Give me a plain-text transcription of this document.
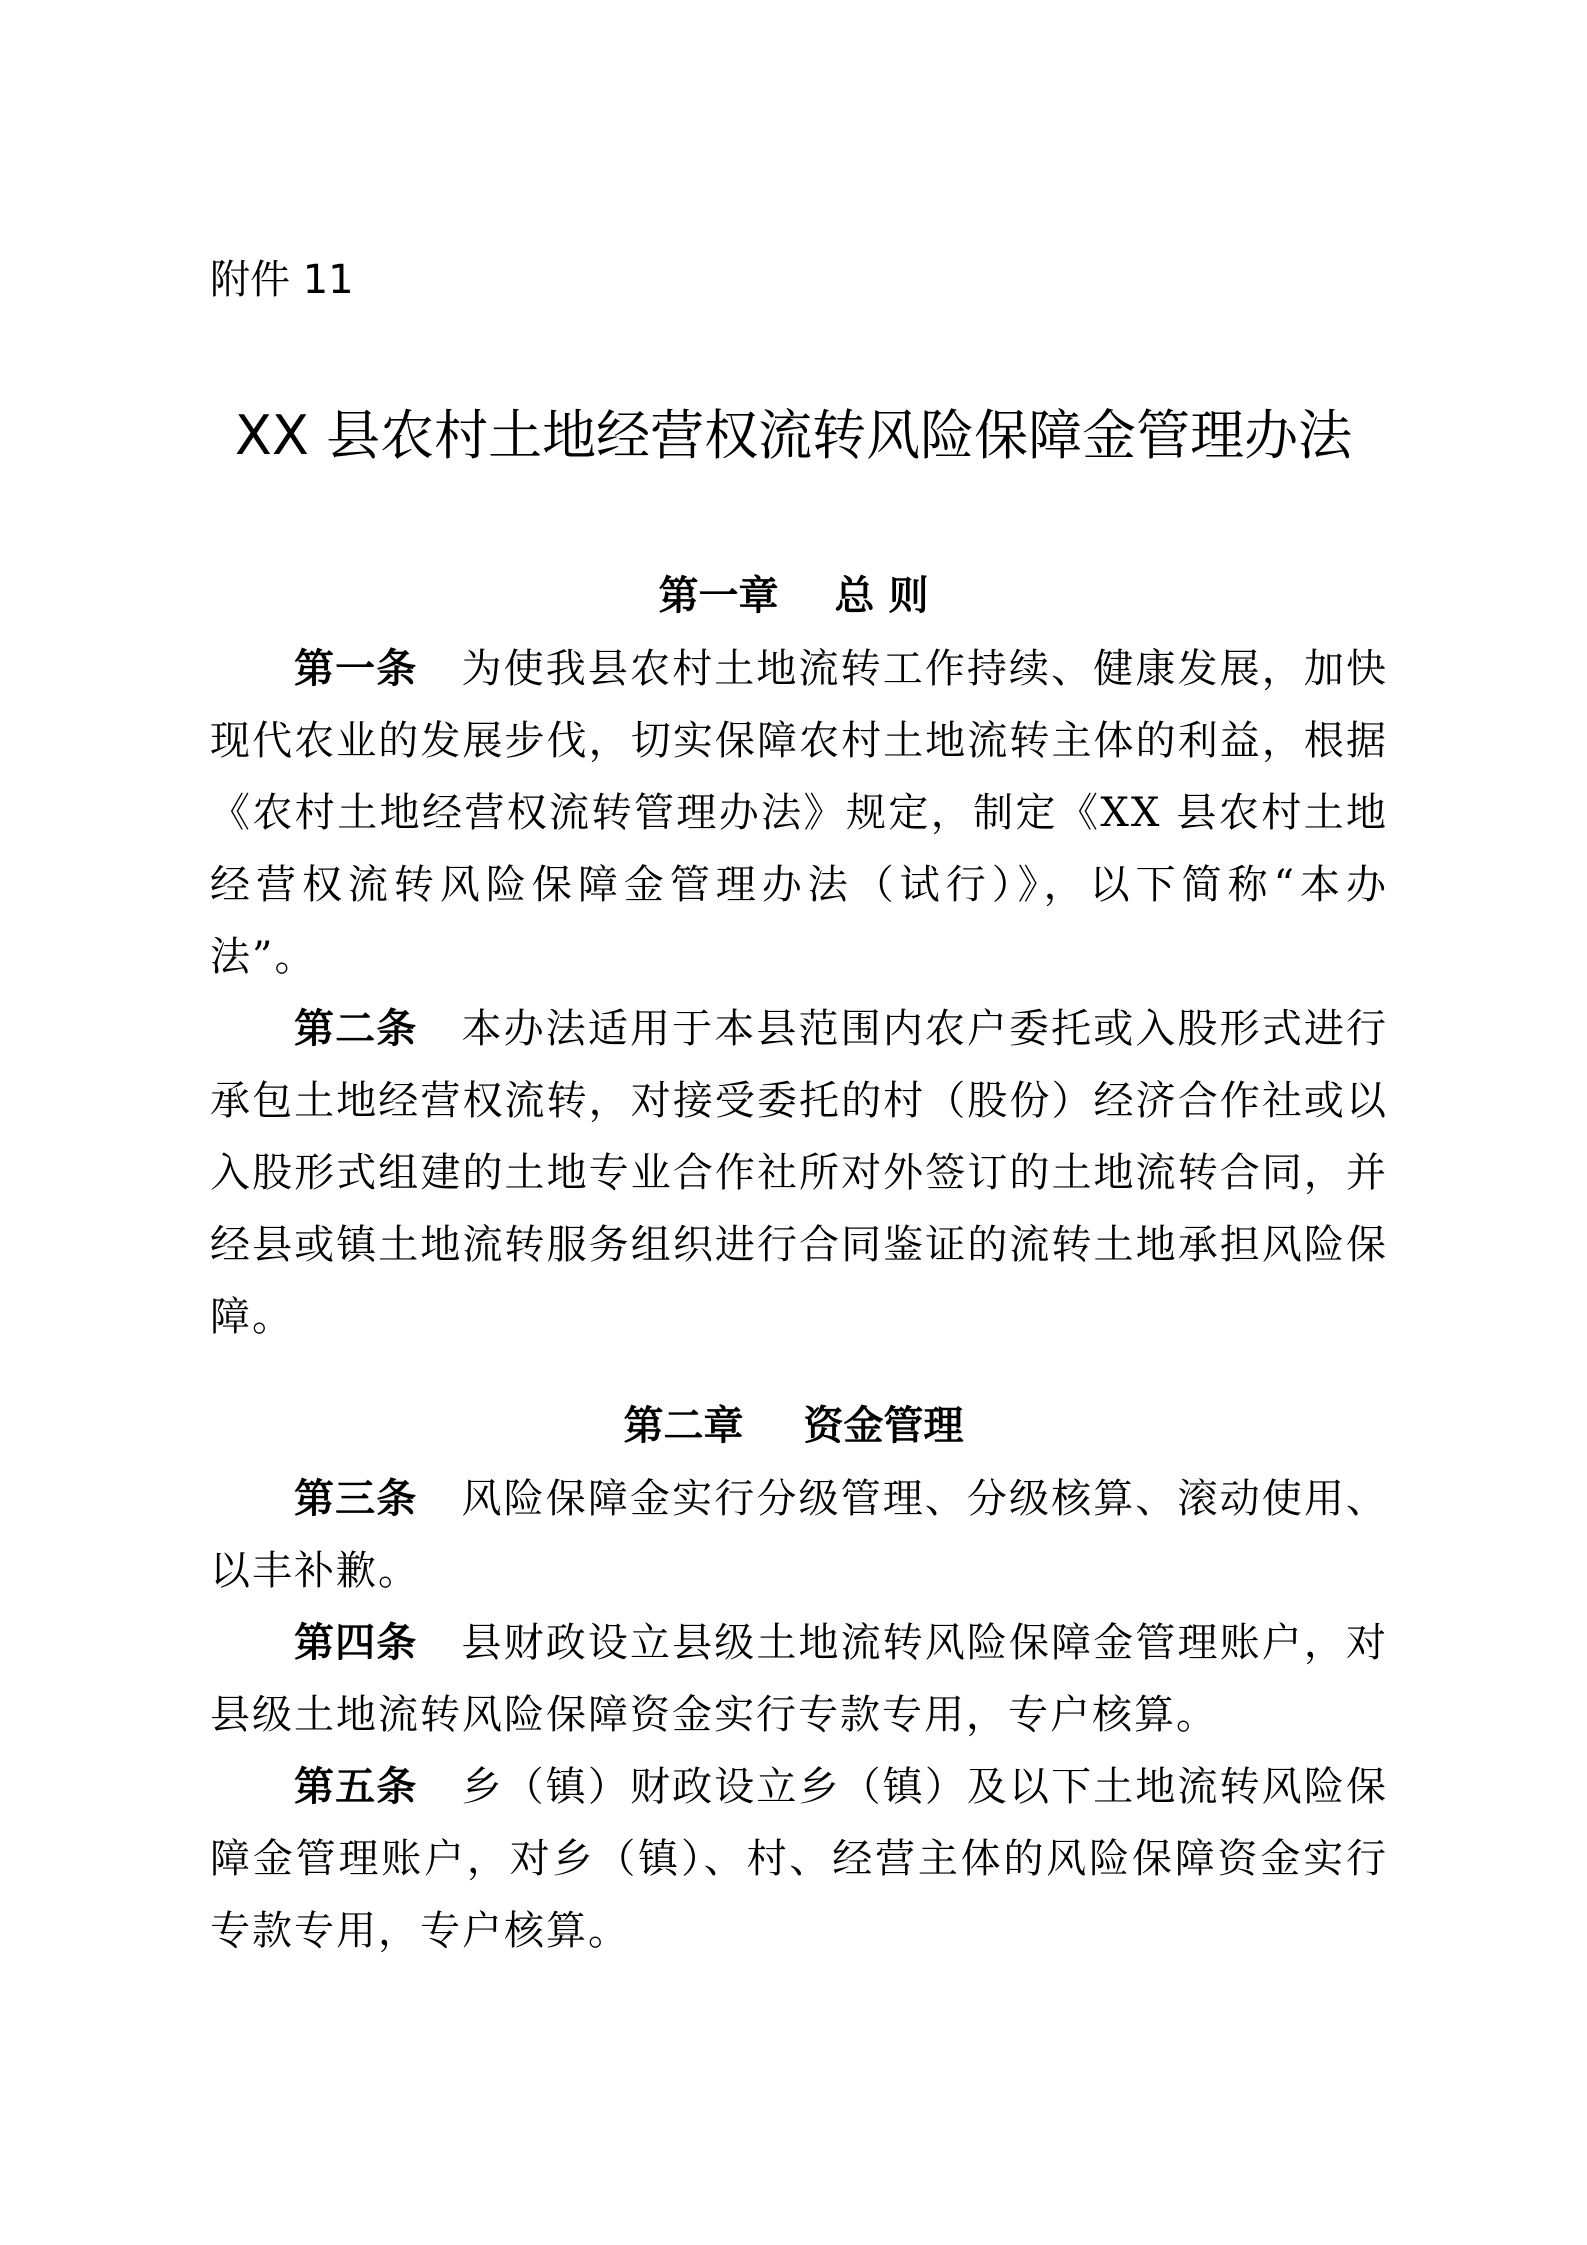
附件 11
XX 县农村土地经营权流转风险保障金管理办法
第一章 总 则

第一条 为使我县农村土地流转工作持续、健康发展，加快现代农业的发展步伐，切实保障农村土地流转主体的利益，根据《农村土地经营权流转管理办法》规定，制定《XX 县农村土地经营权流转风险保障金管理办法（试行）》，以下简称“本办法”。

第二条 本办法适用于本县范围内农户委托或入股形式进行承包土地经营权流转，对接受委托的村（股份）经济合作社或以入股形式组建的土地专业合作社所对外签订的土地流转合同，并经县或镇土地流转服务组织进行合同鉴证的流转土地承担风险保障。

第二章 资金管理

第三条 风险保障金实行分级管理、分级核算、滚动使用、以丰补歉。

第四条 县财政设立县级土地流转风险保障金管理账户，对县级土地流转风险保障资金实行专款专用，专户核算。

第五条 乡（镇）财政设立乡（镇）及以下土地流转风险保障金管理账户，对乡（镇）、村、经营主体的风险保障资金实行专款专用，专户核算。
